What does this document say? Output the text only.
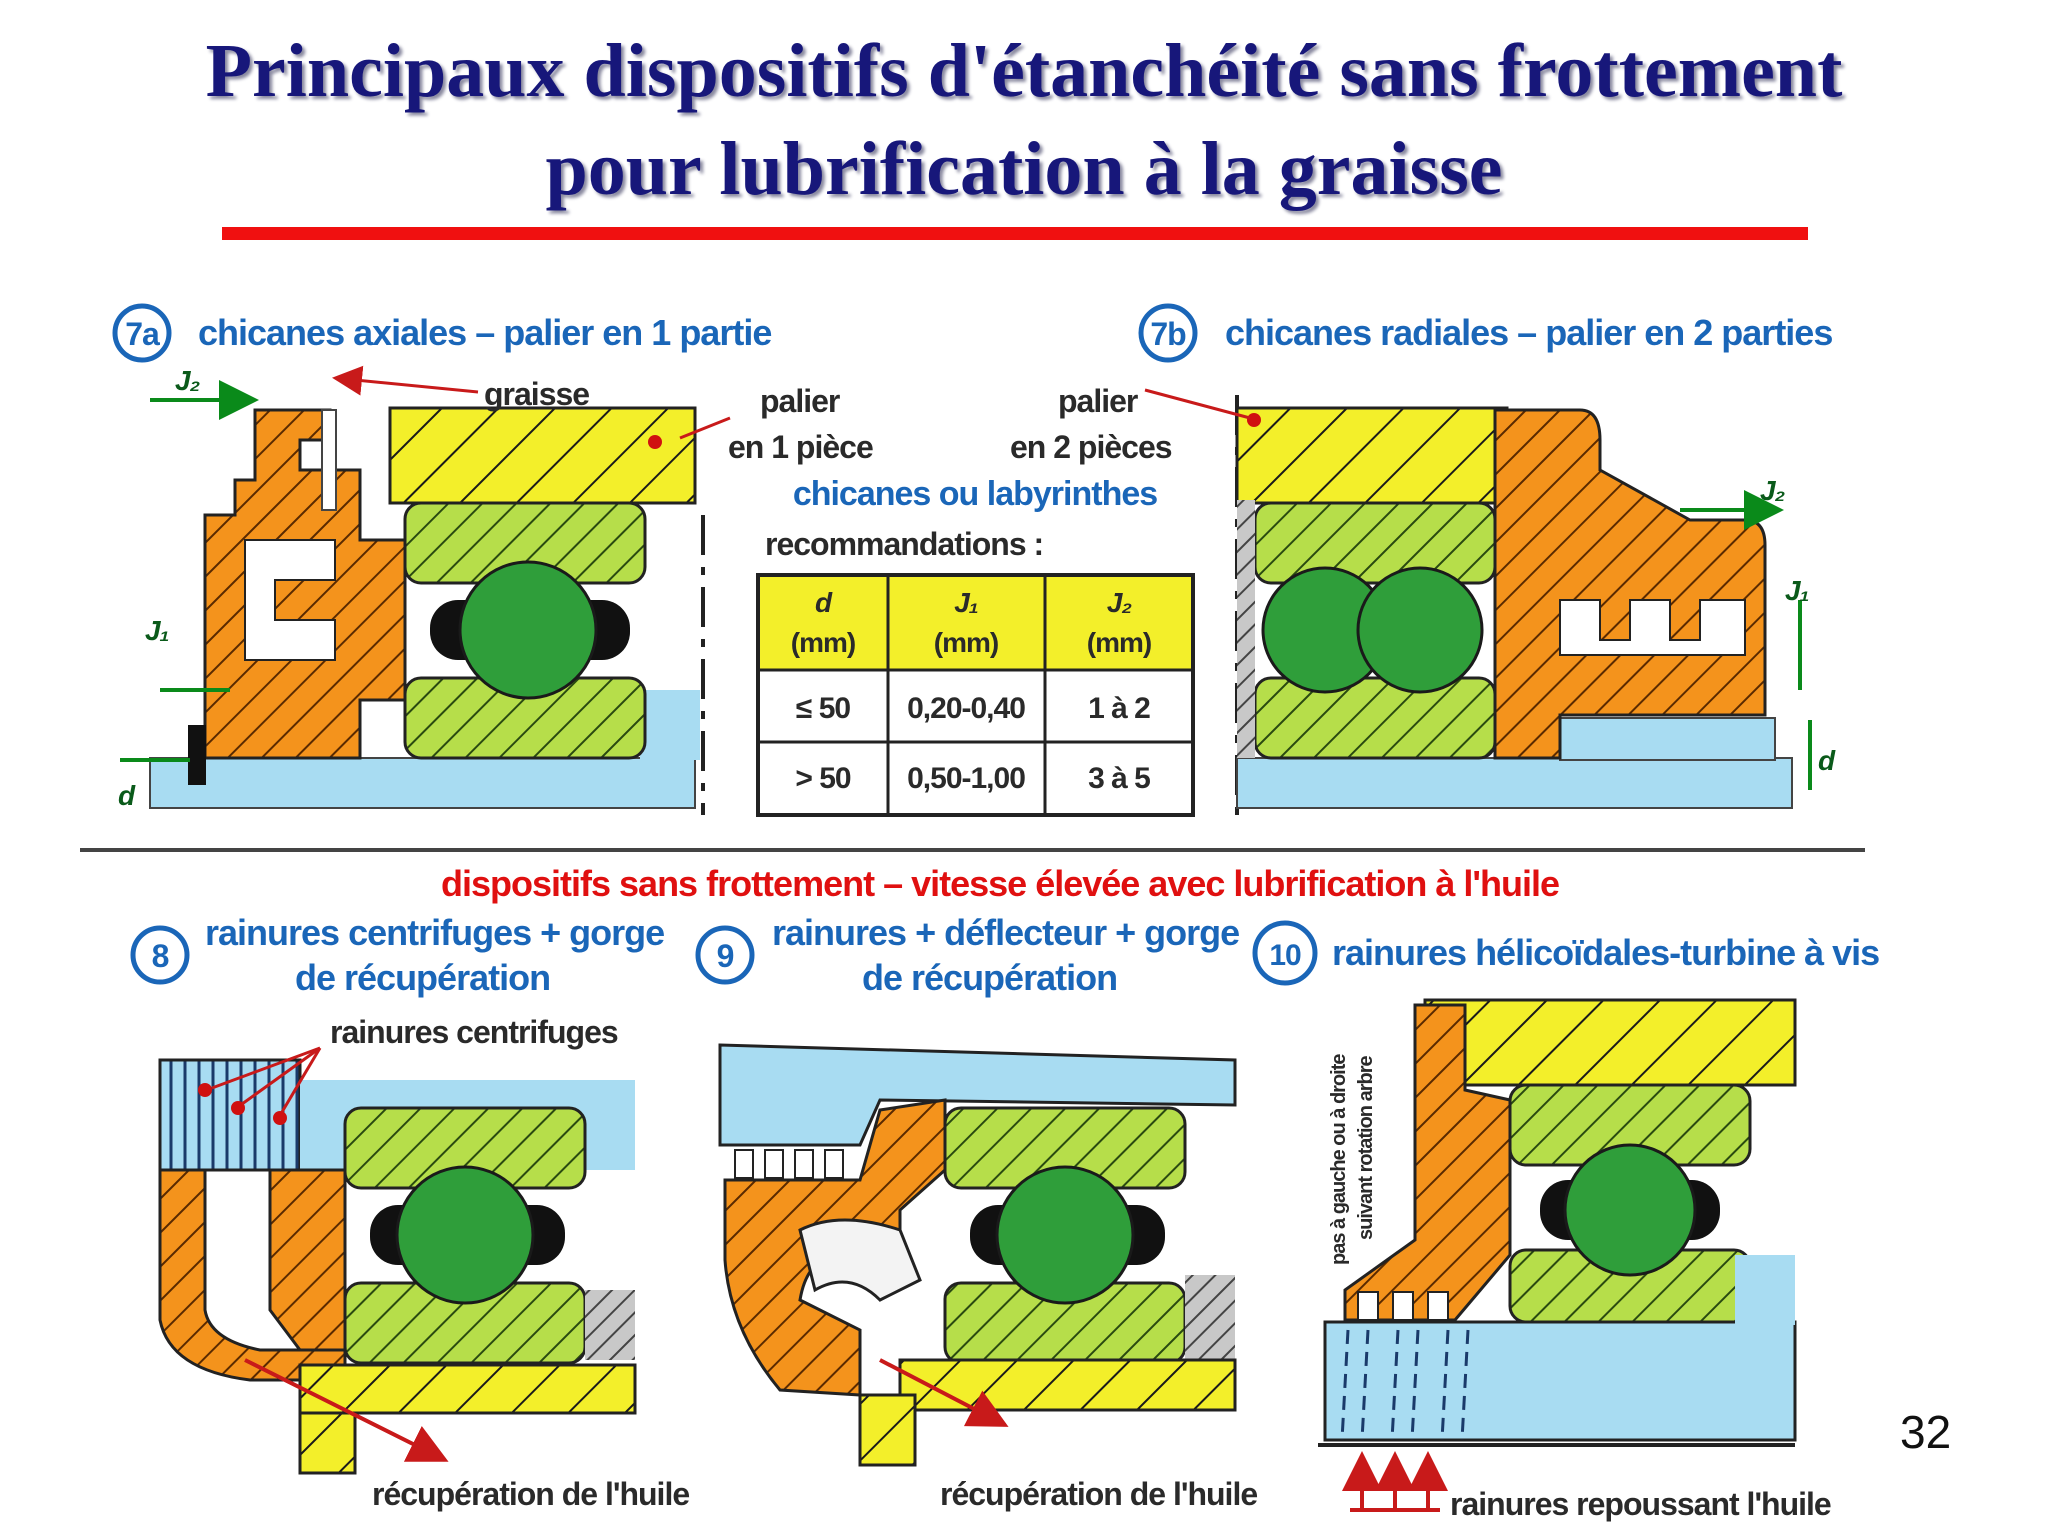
Principaux dispositifs d'étanchéité sans frottement
pour lubrification à la graisse
7a chicanes axiales – palier en 1 partie
graisse	palier
en 1 pièce
J₂
J₁
d
palier
en 2 pièces
chicanes ou labyrinthes
recommandations :
d
(mm)
J₁
(mm)
J₂
(mm)
≤ 50 0,20-0,40 1 à 2
> 50 0,50-1,00 3 à 5
7b chicanes radiales – palier en 2 parties
J₂
J₁
d
dispositifs sans frottement – vitesse élevée avec lubrification à l'huile
8
rainures centrifuges + gorge
de récupération
rainures centrifuges
récupération de l'huile
9
rainures + déflecteur + gorge
de récupération
récupération de l'huile
10 rainures hélicoïdales-turbine à vis
pas à gauche ou à droite suivant rotation arbre
rainures repoussant l'huile
32
